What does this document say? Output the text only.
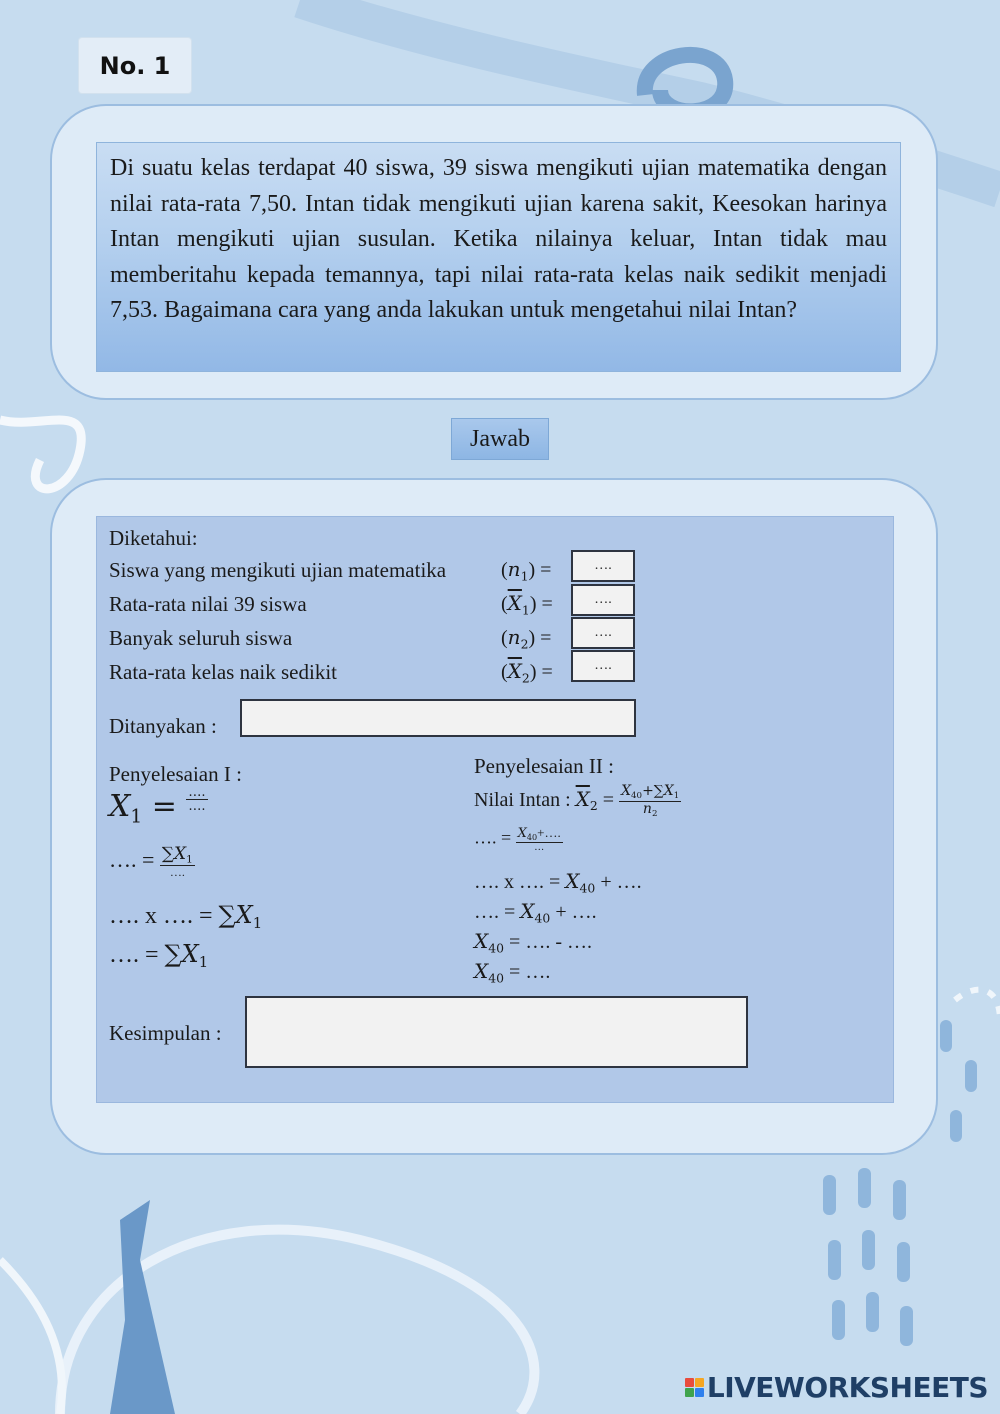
No. 1
Di suatu kelas terdapat 40 siswa, 39 siswa mengikuti ujian matematika dengan nilai rata-rata 7,50. Intan tidak mengikuti ujian karena sakit, Keesokan harinya Intan mengikuti ujian susulan. Ketika nilainya keluar, Intan tidak mau memberitahu kepada temannya, tapi nilai rata-rata kelas naik sedikit menjadi 7,53. Bagaimana cara yang anda lakukan untuk mengetahui nilai Intan?
Jawab
Diketahui:
Siswa yang mengikuti ujian matematika	$(n_1)$ =	….
Rata-rata nilai 39 siswa	$(\overline{X}_1)$ =	….
Banyak seluruh siswa	$(n_2)$ =	….
Rata-rata kelas naik sedikit	$(\overline{X}_2)$ =	….
Ditanyakan :
Penyelesaian I :
$X_1 = \frac{\dots.}{\dots.}$
…. = $\frac{\sum X_1}{\dots.}$
…. x …. = $\sum X_1$
…. = $\sum X_1$
Penyelesaian II :
Nilai Intan : $\overline{X}_2 = \frac{X_{40}+\sum X_1}{n_2}$
…. = $\frac{X_{40}+\dots.}{\dots}$
…. x …. = $X_{40}$ + ….
…. = $X_{40}$ + ….
$X_{40}$ = …. - ….
$X_{40}$ = ….
Kesimpulan :
LIVEWORKSHEETS
